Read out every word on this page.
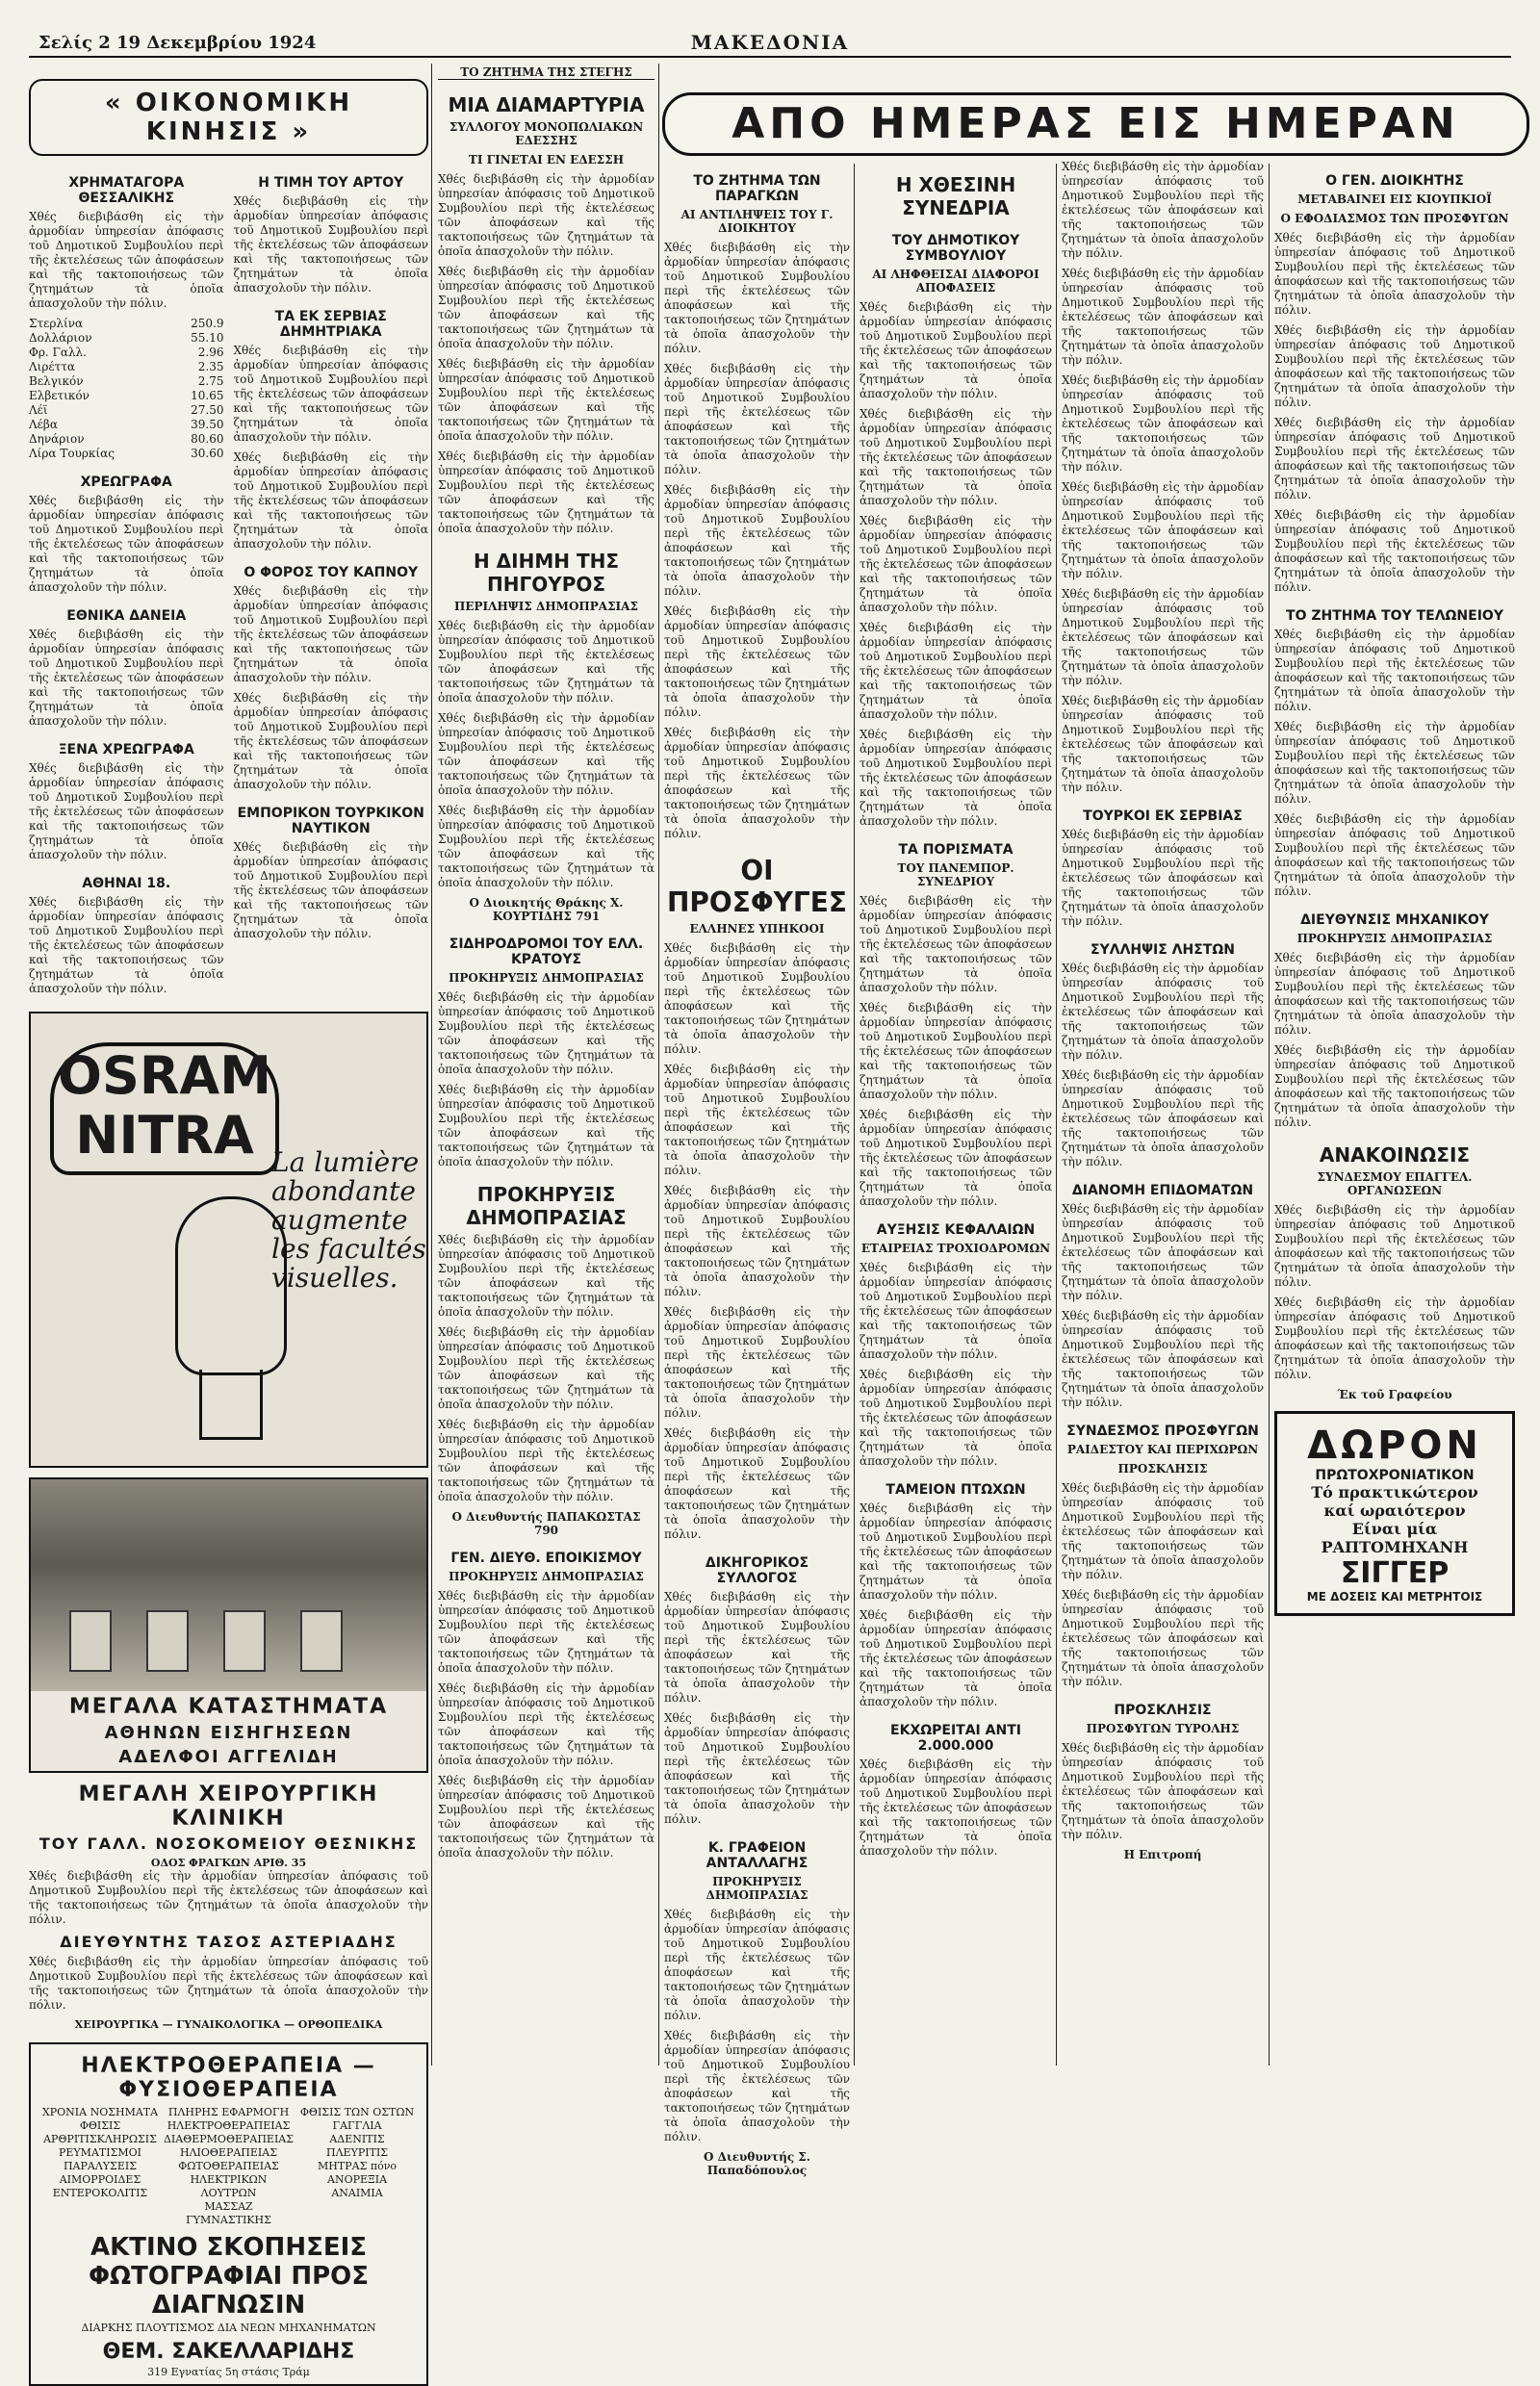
Σελίς 2 19 Δεκεμβρίου 1924	ΜΑΚΕΔΟΝΙΑ
« ΟΙΚΟΝΟΜΙΚΗ ΚΙΝΗΣΙΣ »
ΧΡΗΜΑΤΑΓΟΡΑ ΘΕΣΣΑΛΙΚΗΣ

Χθές διεβιβάσθη εἰς τὴν ἀρμοδίαν ὑπηρεσίαν ἀπόφασις τοῦ Δημοτικοῦ Συμβουλίου περὶ τῆς ἐκτελέσεως τῶν ἀποφάσεων καὶ τῆς τακτοποιήσεως τῶν ζητημάτων τὰ ὁποῖα ἀπασχολοῦν τὴν πόλιν.

Στερλίνα	250.9
Δολλάριον	55.10
Φρ. Γαλλ.	2.96
Λιρέττα	2.35
Βελγικόν	2.75
Ελβετικόν	10.65
Λέϊ	27.50
Λέβα	39.50
Δηνάριον	80.60
Λίρα Τουρκίας	30.60
ΧΡΕΩΓΡΑΦΑ

Χθές διεβιβάσθη εἰς τὴν ἀρμοδίαν ὑπηρεσίαν ἀπόφασις τοῦ Δημοτικοῦ Συμβουλίου περὶ τῆς ἐκτελέσεως τῶν ἀποφάσεων καὶ τῆς τακτοποιήσεως τῶν ζητημάτων τὰ ὁποῖα ἀπασχολοῦν τὴν πόλιν.

ΕΘΝΙΚΑ ΔΑΝΕΙΑ

Χθές διεβιβάσθη εἰς τὴν ἀρμοδίαν ὑπηρεσίαν ἀπόφασις τοῦ Δημοτικοῦ Συμβουλίου περὶ τῆς ἐκτελέσεως τῶν ἀποφάσεων καὶ τῆς τακτοποιήσεως τῶν ζητημάτων τὰ ὁποῖα ἀπασχολοῦν τὴν πόλιν.

ΞΕΝΑ ΧΡΕΩΓΡΑΦΑ

Χθές διεβιβάσθη εἰς τὴν ἀρμοδίαν ὑπηρεσίαν ἀπόφασις τοῦ Δημοτικοῦ Συμβουλίου περὶ τῆς ἐκτελέσεως τῶν ἀποφάσεων καὶ τῆς τακτοποιήσεως τῶν ζητημάτων τὰ ὁποῖα ἀπασχολοῦν τὴν πόλιν.

ΑΘΗΝΑΙ 18.

Χθές διεβιβάσθη εἰς τὴν ἀρμοδίαν ὑπηρεσίαν ἀπόφασις τοῦ Δημοτικοῦ Συμβουλίου περὶ τῆς ἐκτελέσεως τῶν ἀποφάσεων καὶ τῆς τακτοποιήσεως τῶν ζητημάτων τὰ ὁποῖα ἀπασχολοῦν τὴν πόλιν.

Η ΤΙΜΗ ΤΟΥ ΑΡΤΟΥ

Χθές διεβιβάσθη εἰς τὴν ἀρμοδίαν ὑπηρεσίαν ἀπόφασις τοῦ Δημοτικοῦ Συμβουλίου περὶ τῆς ἐκτελέσεως τῶν ἀποφάσεων καὶ τῆς τακτοποιήσεως τῶν ζητημάτων τὰ ὁποῖα ἀπασχολοῦν τὴν πόλιν.

ΤΑ ΕΚ ΣΕΡΒΙΑΣ ΔΗΜΗΤΡΙΑΚΑ

Χθές διεβιβάσθη εἰς τὴν ἀρμοδίαν ὑπηρεσίαν ἀπόφασις τοῦ Δημοτικοῦ Συμβουλίου περὶ τῆς ἐκτελέσεως τῶν ἀποφάσεων καὶ τῆς τακτοποιήσεως τῶν ζητημάτων τὰ ὁποῖα ἀπασχολοῦν τὴν πόλιν.

Χθές διεβιβάσθη εἰς τὴν ἀρμοδίαν ὑπηρεσίαν ἀπόφασις τοῦ Δημοτικοῦ Συμβουλίου περὶ τῆς ἐκτελέσεως τῶν ἀποφάσεων καὶ τῆς τακτοποιήσεως τῶν ζητημάτων τὰ ὁποῖα ἀπασχολοῦν τὴν πόλιν.

Ο ΦΟΡΟΣ ΤΟΥ ΚΑΠΝΟΥ

Χθές διεβιβάσθη εἰς τὴν ἀρμοδίαν ὑπηρεσίαν ἀπόφασις τοῦ Δημοτικοῦ Συμβουλίου περὶ τῆς ἐκτελέσεως τῶν ἀποφάσεων καὶ τῆς τακτοποιήσεως τῶν ζητημάτων τὰ ὁποῖα ἀπασχολοῦν τὴν πόλιν.

Χθές διεβιβάσθη εἰς τὴν ἀρμοδίαν ὑπηρεσίαν ἀπόφασις τοῦ Δημοτικοῦ Συμβουλίου περὶ τῆς ἐκτελέσεως τῶν ἀποφάσεων καὶ τῆς τακτοποιήσεως τῶν ζητημάτων τὰ ὁποῖα ἀπασχολοῦν τὴν πόλιν.

ΕΜΠΟΡΙΚΟΝ ΤΟΥΡΚΙΚΟΝ ΝΑΥΤΙΚΟΝ

Χθές διεβιβάσθη εἰς τὴν ἀρμοδίαν ὑπηρεσίαν ἀπόφασις τοῦ Δημοτικοῦ Συμβουλίου περὶ τῆς ἐκτελέσεως τῶν ἀποφάσεων καὶ τῆς τακτοποιήσεως τῶν ζητημάτων τὰ ὁποῖα ἀπασχολοῦν τὴν πόλιν.

OSRAM NITRA La lumière abondante augmente les facultés visuelles.
ΜΕΓΑΛΑ ΚΑΤΑΣΤΗΜΑΤΑ
ΑΘΗΝΩΝ ΕΙΣΗΓΗΣΕΩΝ
ΑΔΕΛΦΟΙ ΑΓΓΕΛΙΔΗ
ΜΕΓΑΛΗ ΧΕΙΡΟΥΡΓΙΚΗ ΚΛΙΝΙΚΗ
ΤΟΥ ΓΑΛΛ. ΝΟΣΟΚΟΜΕΙΟΥ ΘΕΣΝΙΚΗΣ
ΟΔΟΣ ΦΡΑΓΚΩΝ ΑΡΙΘ. 35

Χθές διεβιβάσθη εἰς τὴν ἀρμοδίαν ὑπηρεσίαν ἀπόφασις τοῦ Δημοτικοῦ Συμβουλίου περὶ τῆς ἐκτελέσεως τῶν ἀποφάσεων καὶ τῆς τακτοποιήσεως τῶν ζητημάτων τὰ ὁποῖα ἀπασχολοῦν τὴν πόλιν.

ΔΙΕΥΘΥΝΤΗΣ ΤΑΣΟΣ ΑΣΤΕΡΙΑΔΗΣ

Χθές διεβιβάσθη εἰς τὴν ἀρμοδίαν ὑπηρεσίαν ἀπόφασις τοῦ Δημοτικοῦ Συμβουλίου περὶ τῆς ἐκτελέσεως τῶν ἀποφάσεων καὶ τῆς τακτοποιήσεως τῶν ζητημάτων τὰ ὁποῖα ἀπασχολοῦν τὴν πόλιν.

ΧΕΙΡΟΥΡΓΙΚΑ — ΓΥΝΑΙΚΟΛΟΓΙΚΑ — ΟΡΘΟΠΕΔΙΚΑ
ΗΛΕΚΤΡΟΘΕΡΑΠΕΙΑ — ΦΥΣΙΟΘΕΡΑΠΕΙΑ
ΧΡΟΝΙΑ ΝΟΣΗΜΑΤΑ
ΦΘΙΣΙΣ
ΑΡΘΡΙΤΙΣΚΛΗΡΩΣΙΣ
ΡΕΥΜΑΤΙΣΜΟΙ
ΠΑΡΑΛΥΣΕΙΣ
ΑΙΜΟΡΡΟΙΔΕΣ
ΕΝΤΕΡΟΚΟΛΙΤΙΣ
ΠΛΗΡΗΣ ΕΦΑΡΜΟΓΗ
ΗΛΕΚΤΡΟΘΕΡΑΠΕΙΑΣ
ΔΙΑΘΕΡΜΟΘΕΡΑΠΕΙΑΣ
ΗΛΙΟΘΕΡΑΠΕΙΑΣ
ΦΩΤΟΘΕΡΑΠΕΙΑΣ
ΗΛΕΚΤΡΙΚΩΝ ΛΟΥΤΡΩΝ
ΜΑΣΣΑΖ ΓΥΜΝΑΣΤΙΚΗΣ
ΦΘΙΣΙΣ ΤΩΝ ΟΣΤΩΝ
ΓΑΓΓΛΙΑ
ΑΔΕΝΙΤΙΣ
ΠΛΕΥΡΙΤΙΣ
ΜΗΤΡΑΣ πόνο
ΑΝΟΡΕΞΙΑ
ΑΝΑΙΜΙΑ
ΑΚΤΙΝΟ ΣΚΟΠΗΣΕΙΣ ΦΩΤΟΓΡΑΦΙΑΙ ΠΡΟΣ ΔΙΑΓΝΩΣΙΝ
ΔΙΑΡΚΗΣ ΠΛΟΥΤΙΣΜΟΣ ΔΙΑ ΝΕΩΝ ΜΗΧΑΝΗΜΑΤΩΝ
ΘΕΜ. ΣΑΚΕΛΛΑΡΙΔΗΣ
319 Εγνατίας 5η στάσις Τράμ
ΤΟ ΖΗΤΗΜΑ ΤΗΣ ΣΤΕΓΗΣ
ΜΙΑ ΔΙΑΜΑΡΤΥΡΙΑ
ΣΥΛΛΟΓΟΥ ΜΟΝΟΠΩΛΙΑΚΩΝ ΕΔΕΣΣΗΣ
ΤΙ ΓΙΝΕΤΑΙ ΕΝ ΕΔΕΣΣΗ

Χθές διεβιβάσθη εἰς τὴν ἀρμοδίαν ὑπηρεσίαν ἀπόφασις τοῦ Δημοτικοῦ Συμβουλίου περὶ τῆς ἐκτελέσεως τῶν ἀποφάσεων καὶ τῆς τακτοποιήσεως τῶν ζητημάτων τὰ ὁποῖα ἀπασχολοῦν τὴν πόλιν.

Χθές διεβιβάσθη εἰς τὴν ἀρμοδίαν ὑπηρεσίαν ἀπόφασις τοῦ Δημοτικοῦ Συμβουλίου περὶ τῆς ἐκτελέσεως τῶν ἀποφάσεων καὶ τῆς τακτοποιήσεως τῶν ζητημάτων τὰ ὁποῖα ἀπασχολοῦν τὴν πόλιν.

Χθές διεβιβάσθη εἰς τὴν ἀρμοδίαν ὑπηρεσίαν ἀπόφασις τοῦ Δημοτικοῦ Συμβουλίου περὶ τῆς ἐκτελέσεως τῶν ἀποφάσεων καὶ τῆς τακτοποιήσεως τῶν ζητημάτων τὰ ὁποῖα ἀπασχολοῦν τὴν πόλιν.

Χθές διεβιβάσθη εἰς τὴν ἀρμοδίαν ὑπηρεσίαν ἀπόφασις τοῦ Δημοτικοῦ Συμβουλίου περὶ τῆς ἐκτελέσεως τῶν ἀποφάσεων καὶ τῆς τακτοποιήσεως τῶν ζητημάτων τὰ ὁποῖα ἀπασχολοῦν τὴν πόλιν.

Η ΔΙΗΜΗ ΤΗΣ ΠΗΓΟΥΡΟΣ
ΠΕΡΙΛΗΨΙΣ ΔΗΜΟΠΡΑΣΙΑΣ

Χθές διεβιβάσθη εἰς τὴν ἀρμοδίαν ὑπηρεσίαν ἀπόφασις τοῦ Δημοτικοῦ Συμβουλίου περὶ τῆς ἐκτελέσεως τῶν ἀποφάσεων καὶ τῆς τακτοποιήσεως τῶν ζητημάτων τὰ ὁποῖα ἀπασχολοῦν τὴν πόλιν.

Χθές διεβιβάσθη εἰς τὴν ἀρμοδίαν ὑπηρεσίαν ἀπόφασις τοῦ Δημοτικοῦ Συμβουλίου περὶ τῆς ἐκτελέσεως τῶν ἀποφάσεων καὶ τῆς τακτοποιήσεως τῶν ζητημάτων τὰ ὁποῖα ἀπασχολοῦν τὴν πόλιν.

Χθές διεβιβάσθη εἰς τὴν ἀρμοδίαν ὑπηρεσίαν ἀπόφασις τοῦ Δημοτικοῦ Συμβουλίου περὶ τῆς ἐκτελέσεως τῶν ἀποφάσεων καὶ τῆς τακτοποιήσεως τῶν ζητημάτων τὰ ὁποῖα ἀπασχολοῦν τὴν πόλιν.

Ο Διοικητής Θράκης Χ. ΚΟΥΡΤΙΔΗΣ 791
ΣΙΔΗΡΟΔΡΟΜΟΙ ΤΟΥ ΕΛΛ. ΚΡΑΤΟΥΣ
ΠΡΟΚΗΡΥΞΙΣ ΔΗΜΟΠΡΑΣΙΑΣ

Χθές διεβιβάσθη εἰς τὴν ἀρμοδίαν ὑπηρεσίαν ἀπόφασις τοῦ Δημοτικοῦ Συμβουλίου περὶ τῆς ἐκτελέσεως τῶν ἀποφάσεων καὶ τῆς τακτοποιήσεως τῶν ζητημάτων τὰ ὁποῖα ἀπασχολοῦν τὴν πόλιν.

Χθές διεβιβάσθη εἰς τὴν ἀρμοδίαν ὑπηρεσίαν ἀπόφασις τοῦ Δημοτικοῦ Συμβουλίου περὶ τῆς ἐκτελέσεως τῶν ἀποφάσεων καὶ τῆς τακτοποιήσεως τῶν ζητημάτων τὰ ὁποῖα ἀπασχολοῦν τὴν πόλιν.

ΠΡΟΚΗΡΥΞΙΣ ΔΗΜΟΠΡΑΣΙΑΣ

Χθές διεβιβάσθη εἰς τὴν ἀρμοδίαν ὑπηρεσίαν ἀπόφασις τοῦ Δημοτικοῦ Συμβουλίου περὶ τῆς ἐκτελέσεως τῶν ἀποφάσεων καὶ τῆς τακτοποιήσεως τῶν ζητημάτων τὰ ὁποῖα ἀπασχολοῦν τὴν πόλιν.

Χθές διεβιβάσθη εἰς τὴν ἀρμοδίαν ὑπηρεσίαν ἀπόφασις τοῦ Δημοτικοῦ Συμβουλίου περὶ τῆς ἐκτελέσεως τῶν ἀποφάσεων καὶ τῆς τακτοποιήσεως τῶν ζητημάτων τὰ ὁποῖα ἀπασχολοῦν τὴν πόλιν.

Χθές διεβιβάσθη εἰς τὴν ἀρμοδίαν ὑπηρεσίαν ἀπόφασις τοῦ Δημοτικοῦ Συμβουλίου περὶ τῆς ἐκτελέσεως τῶν ἀποφάσεων καὶ τῆς τακτοποιήσεως τῶν ζητημάτων τὰ ὁποῖα ἀπασχολοῦν τὴν πόλιν.

Ο Διευθυντής ΠΑΠΑΚΩΣΤΑΣ 790
ΓΕΝ. ΔΙΕΥΘ. ΕΠΟΙΚΙΣΜΟΥ
ΠΡΟΚΗΡΥΞΙΣ ΔΗΜΟΠΡΑΣΙΑΣ

Χθές διεβιβάσθη εἰς τὴν ἀρμοδίαν ὑπηρεσίαν ἀπόφασις τοῦ Δημοτικοῦ Συμβουλίου περὶ τῆς ἐκτελέσεως τῶν ἀποφάσεων καὶ τῆς τακτοποιήσεως τῶν ζητημάτων τὰ ὁποῖα ἀπασχολοῦν τὴν πόλιν.

Χθές διεβιβάσθη εἰς τὴν ἀρμοδίαν ὑπηρεσίαν ἀπόφασις τοῦ Δημοτικοῦ Συμβουλίου περὶ τῆς ἐκτελέσεως τῶν ἀποφάσεων καὶ τῆς τακτοποιήσεως τῶν ζητημάτων τὰ ὁποῖα ἀπασχολοῦν τὴν πόλιν.

Χθές διεβιβάσθη εἰς τὴν ἀρμοδίαν ὑπηρεσίαν ἀπόφασις τοῦ Δημοτικοῦ Συμβουλίου περὶ τῆς ἐκτελέσεως τῶν ἀποφάσεων καὶ τῆς τακτοποιήσεως τῶν ζητημάτων τὰ ὁποῖα ἀπασχολοῦν τὴν πόλιν.

ΑΠΟ ΗΜΕΡΑΣ ΕΙΣ ΗΜΕΡΑΝ
ΤΟ ΖΗΤΗΜΑ ΤΩΝ ΠΑΡΑΓΚΩΝ
ΑΙ ΑΝΤΙΛΗΨΕΙΣ ΤΟΥ Γ. ΔΙΟΙΚΗΤΟΥ

Χθές διεβιβάσθη εἰς τὴν ἀρμοδίαν ὑπηρεσίαν ἀπόφασις τοῦ Δημοτικοῦ Συμβουλίου περὶ τῆς ἐκτελέσεως τῶν ἀποφάσεων καὶ τῆς τακτοποιήσεως τῶν ζητημάτων τὰ ὁποῖα ἀπασχολοῦν τὴν πόλιν.

Χθές διεβιβάσθη εἰς τὴν ἀρμοδίαν ὑπηρεσίαν ἀπόφασις τοῦ Δημοτικοῦ Συμβουλίου περὶ τῆς ἐκτελέσεως τῶν ἀποφάσεων καὶ τῆς τακτοποιήσεως τῶν ζητημάτων τὰ ὁποῖα ἀπασχολοῦν τὴν πόλιν.

Χθές διεβιβάσθη εἰς τὴν ἀρμοδίαν ὑπηρεσίαν ἀπόφασις τοῦ Δημοτικοῦ Συμβουλίου περὶ τῆς ἐκτελέσεως τῶν ἀποφάσεων καὶ τῆς τακτοποιήσεως τῶν ζητημάτων τὰ ὁποῖα ἀπασχολοῦν τὴν πόλιν.

Χθές διεβιβάσθη εἰς τὴν ἀρμοδίαν ὑπηρεσίαν ἀπόφασις τοῦ Δημοτικοῦ Συμβουλίου περὶ τῆς ἐκτελέσεως τῶν ἀποφάσεων καὶ τῆς τακτοποιήσεως τῶν ζητημάτων τὰ ὁποῖα ἀπασχολοῦν τὴν πόλιν.

Χθές διεβιβάσθη εἰς τὴν ἀρμοδίαν ὑπηρεσίαν ἀπόφασις τοῦ Δημοτικοῦ Συμβουλίου περὶ τῆς ἐκτελέσεως τῶν ἀποφάσεων καὶ τῆς τακτοποιήσεως τῶν ζητημάτων τὰ ὁποῖα ἀπασχολοῦν τὴν πόλιν.

ΟΙ ΠΡΟΣΦΥΓΕΣ
ΕΛΛΗΝΕΣ ΥΠΗΚΟΟΙ

Χθές διεβιβάσθη εἰς τὴν ἀρμοδίαν ὑπηρεσίαν ἀπόφασις τοῦ Δημοτικοῦ Συμβουλίου περὶ τῆς ἐκτελέσεως τῶν ἀποφάσεων καὶ τῆς τακτοποιήσεως τῶν ζητημάτων τὰ ὁποῖα ἀπασχολοῦν τὴν πόλιν.

Χθές διεβιβάσθη εἰς τὴν ἀρμοδίαν ὑπηρεσίαν ἀπόφασις τοῦ Δημοτικοῦ Συμβουλίου περὶ τῆς ἐκτελέσεως τῶν ἀποφάσεων καὶ τῆς τακτοποιήσεως τῶν ζητημάτων τὰ ὁποῖα ἀπασχολοῦν τὴν πόλιν.

Χθές διεβιβάσθη εἰς τὴν ἀρμοδίαν ὑπηρεσίαν ἀπόφασις τοῦ Δημοτικοῦ Συμβουλίου περὶ τῆς ἐκτελέσεως τῶν ἀποφάσεων καὶ τῆς τακτοποιήσεως τῶν ζητημάτων τὰ ὁποῖα ἀπασχολοῦν τὴν πόλιν.

Χθές διεβιβάσθη εἰς τὴν ἀρμοδίαν ὑπηρεσίαν ἀπόφασις τοῦ Δημοτικοῦ Συμβουλίου περὶ τῆς ἐκτελέσεως τῶν ἀποφάσεων καὶ τῆς τακτοποιήσεως τῶν ζητημάτων τὰ ὁποῖα ἀπασχολοῦν τὴν πόλιν.

Χθές διεβιβάσθη εἰς τὴν ἀρμοδίαν ὑπηρεσίαν ἀπόφασις τοῦ Δημοτικοῦ Συμβουλίου περὶ τῆς ἐκτελέσεως τῶν ἀποφάσεων καὶ τῆς τακτοποιήσεως τῶν ζητημάτων τὰ ὁποῖα ἀπασχολοῦν τὴν πόλιν.

ΔΙΚΗΓΟΡΙΚΟΣ ΣΥΛΛΟΓΟΣ

Χθές διεβιβάσθη εἰς τὴν ἀρμοδίαν ὑπηρεσίαν ἀπόφασις τοῦ Δημοτικοῦ Συμβουλίου περὶ τῆς ἐκτελέσεως τῶν ἀποφάσεων καὶ τῆς τακτοποιήσεως τῶν ζητημάτων τὰ ὁποῖα ἀπασχολοῦν τὴν πόλιν.

Χθές διεβιβάσθη εἰς τὴν ἀρμοδίαν ὑπηρεσίαν ἀπόφασις τοῦ Δημοτικοῦ Συμβουλίου περὶ τῆς ἐκτελέσεως τῶν ἀποφάσεων καὶ τῆς τακτοποιήσεως τῶν ζητημάτων τὰ ὁποῖα ἀπασχολοῦν τὴν πόλιν.

Κ. ΓΡΑΦΕΙΟΝ ΑΝΤΑΛΛΑΓΗΣ
ΠΡΟΚΗΡΥΞΙΣ ΔΗΜΟΠΡΑΣΙΑΣ

Χθές διεβιβάσθη εἰς τὴν ἀρμοδίαν ὑπηρεσίαν ἀπόφασις τοῦ Δημοτικοῦ Συμβουλίου περὶ τῆς ἐκτελέσεως τῶν ἀποφάσεων καὶ τῆς τακτοποιήσεως τῶν ζητημάτων τὰ ὁποῖα ἀπασχολοῦν τὴν πόλιν.

Χθές διεβιβάσθη εἰς τὴν ἀρμοδίαν ὑπηρεσίαν ἀπόφασις τοῦ Δημοτικοῦ Συμβουλίου περὶ τῆς ἐκτελέσεως τῶν ἀποφάσεων καὶ τῆς τακτοποιήσεως τῶν ζητημάτων τὰ ὁποῖα ἀπασχολοῦν τὴν πόλιν.

Ο Διευθυντής Σ. Παπαδόπουλος
Η ΧΘΕΣΙΝΗ ΣΥΝΕΔΡΙΑ
ΤΟΥ ΔΗΜΟΤΙΚΟΥ ΣΥΜΒΟΥΛΙΟΥ
ΑΙ ΛΗΦΘΕΙΣΑΙ ΔΙΑΦΟΡΟΙ ΑΠΟΦΑΣΕΙΣ

Χθές διεβιβάσθη εἰς τὴν ἀρμοδίαν ὑπηρεσίαν ἀπόφασις τοῦ Δημοτικοῦ Συμβουλίου περὶ τῆς ἐκτελέσεως τῶν ἀποφάσεων καὶ τῆς τακτοποιήσεως τῶν ζητημάτων τὰ ὁποῖα ἀπασχολοῦν τὴν πόλιν.

Χθές διεβιβάσθη εἰς τὴν ἀρμοδίαν ὑπηρεσίαν ἀπόφασις τοῦ Δημοτικοῦ Συμβουλίου περὶ τῆς ἐκτελέσεως τῶν ἀποφάσεων καὶ τῆς τακτοποιήσεως τῶν ζητημάτων τὰ ὁποῖα ἀπασχολοῦν τὴν πόλιν.

Χθές διεβιβάσθη εἰς τὴν ἀρμοδίαν ὑπηρεσίαν ἀπόφασις τοῦ Δημοτικοῦ Συμβουλίου περὶ τῆς ἐκτελέσεως τῶν ἀποφάσεων καὶ τῆς τακτοποιήσεως τῶν ζητημάτων τὰ ὁποῖα ἀπασχολοῦν τὴν πόλιν.

Χθές διεβιβάσθη εἰς τὴν ἀρμοδίαν ὑπηρεσίαν ἀπόφασις τοῦ Δημοτικοῦ Συμβουλίου περὶ τῆς ἐκτελέσεως τῶν ἀποφάσεων καὶ τῆς τακτοποιήσεως τῶν ζητημάτων τὰ ὁποῖα ἀπασχολοῦν τὴν πόλιν.

Χθές διεβιβάσθη εἰς τὴν ἀρμοδίαν ὑπηρεσίαν ἀπόφασις τοῦ Δημοτικοῦ Συμβουλίου περὶ τῆς ἐκτελέσεως τῶν ἀποφάσεων καὶ τῆς τακτοποιήσεως τῶν ζητημάτων τὰ ὁποῖα ἀπασχολοῦν τὴν πόλιν.

ΤΑ ΠΟΡΙΣΜΑΤΑ
ΤΟΥ ΠΑΝΕΜΠΟΡ. ΣΥΝΕΔΡΙΟΥ

Χθές διεβιβάσθη εἰς τὴν ἀρμοδίαν ὑπηρεσίαν ἀπόφασις τοῦ Δημοτικοῦ Συμβουλίου περὶ τῆς ἐκτελέσεως τῶν ἀποφάσεων καὶ τῆς τακτοποιήσεως τῶν ζητημάτων τὰ ὁποῖα ἀπασχολοῦν τὴν πόλιν.

Χθές διεβιβάσθη εἰς τὴν ἀρμοδίαν ὑπηρεσίαν ἀπόφασις τοῦ Δημοτικοῦ Συμβουλίου περὶ τῆς ἐκτελέσεως τῶν ἀποφάσεων καὶ τῆς τακτοποιήσεως τῶν ζητημάτων τὰ ὁποῖα ἀπασχολοῦν τὴν πόλιν.

Χθές διεβιβάσθη εἰς τὴν ἀρμοδίαν ὑπηρεσίαν ἀπόφασις τοῦ Δημοτικοῦ Συμβουλίου περὶ τῆς ἐκτελέσεως τῶν ἀποφάσεων καὶ τῆς τακτοποιήσεως τῶν ζητημάτων τὰ ὁποῖα ἀπασχολοῦν τὴν πόλιν.

ΑΥΞΗΣΙΣ ΚΕΦΑΛΑΙΩΝ
ΕΤΑΙΡΕΙΑΣ ΤΡΟΧΙΟΔΡΟΜΩΝ

Χθές διεβιβάσθη εἰς τὴν ἀρμοδίαν ὑπηρεσίαν ἀπόφασις τοῦ Δημοτικοῦ Συμβουλίου περὶ τῆς ἐκτελέσεως τῶν ἀποφάσεων καὶ τῆς τακτοποιήσεως τῶν ζητημάτων τὰ ὁποῖα ἀπασχολοῦν τὴν πόλιν.

Χθές διεβιβάσθη εἰς τὴν ἀρμοδίαν ὑπηρεσίαν ἀπόφασις τοῦ Δημοτικοῦ Συμβουλίου περὶ τῆς ἐκτελέσεως τῶν ἀποφάσεων καὶ τῆς τακτοποιήσεως τῶν ζητημάτων τὰ ὁποῖα ἀπασχολοῦν τὴν πόλιν.

ΤΑΜΕΙΟΝ ΠΤΩΧΩΝ

Χθές διεβιβάσθη εἰς τὴν ἀρμοδίαν ὑπηρεσίαν ἀπόφασις τοῦ Δημοτικοῦ Συμβουλίου περὶ τῆς ἐκτελέσεως τῶν ἀποφάσεων καὶ τῆς τακτοποιήσεως τῶν ζητημάτων τὰ ὁποῖα ἀπασχολοῦν τὴν πόλιν.

Χθές διεβιβάσθη εἰς τὴν ἀρμοδίαν ὑπηρεσίαν ἀπόφασις τοῦ Δημοτικοῦ Συμβουλίου περὶ τῆς ἐκτελέσεως τῶν ἀποφάσεων καὶ τῆς τακτοποιήσεως τῶν ζητημάτων τὰ ὁποῖα ἀπασχολοῦν τὴν πόλιν.

ΕΚΧΩΡΕΙΤΑΙ ΑΝΤΙ 2.000.000

Χθές διεβιβάσθη εἰς τὴν ἀρμοδίαν ὑπηρεσίαν ἀπόφασις τοῦ Δημοτικοῦ Συμβουλίου περὶ τῆς ἐκτελέσεως τῶν ἀποφάσεων καὶ τῆς τακτοποιήσεως τῶν ζητημάτων τὰ ὁποῖα ἀπασχολοῦν τὴν πόλιν.

Χθές διεβιβάσθη εἰς τὴν ἀρμοδίαν ὑπηρεσίαν ἀπόφασις τοῦ Δημοτικοῦ Συμβουλίου περὶ τῆς ἐκτελέσεως τῶν ἀποφάσεων καὶ τῆς τακτοποιήσεως τῶν ζητημάτων τὰ ὁποῖα ἀπασχολοῦν τὴν πόλιν.

Χθές διεβιβάσθη εἰς τὴν ἀρμοδίαν ὑπηρεσίαν ἀπόφασις τοῦ Δημοτικοῦ Συμβουλίου περὶ τῆς ἐκτελέσεως τῶν ἀποφάσεων καὶ τῆς τακτοποιήσεως τῶν ζητημάτων τὰ ὁποῖα ἀπασχολοῦν τὴν πόλιν.

Χθές διεβιβάσθη εἰς τὴν ἀρμοδίαν ὑπηρεσίαν ἀπόφασις τοῦ Δημοτικοῦ Συμβουλίου περὶ τῆς ἐκτελέσεως τῶν ἀποφάσεων καὶ τῆς τακτοποιήσεως τῶν ζητημάτων τὰ ὁποῖα ἀπασχολοῦν τὴν πόλιν.

Χθές διεβιβάσθη εἰς τὴν ἀρμοδίαν ὑπηρεσίαν ἀπόφασις τοῦ Δημοτικοῦ Συμβουλίου περὶ τῆς ἐκτελέσεως τῶν ἀποφάσεων καὶ τῆς τακτοποιήσεως τῶν ζητημάτων τὰ ὁποῖα ἀπασχολοῦν τὴν πόλιν.

Χθές διεβιβάσθη εἰς τὴν ἀρμοδίαν ὑπηρεσίαν ἀπόφασις τοῦ Δημοτικοῦ Συμβουλίου περὶ τῆς ἐκτελέσεως τῶν ἀποφάσεων καὶ τῆς τακτοποιήσεως τῶν ζητημάτων τὰ ὁποῖα ἀπασχολοῦν τὴν πόλιν.

Χθές διεβιβάσθη εἰς τὴν ἀρμοδίαν ὑπηρεσίαν ἀπόφασις τοῦ Δημοτικοῦ Συμβουλίου περὶ τῆς ἐκτελέσεως τῶν ἀποφάσεων καὶ τῆς τακτοποιήσεως τῶν ζητημάτων τὰ ὁποῖα ἀπασχολοῦν τὴν πόλιν.

ΤΟΥΡΚΟΙ ΕΚ ΣΕΡΒΙΑΣ

Χθές διεβιβάσθη εἰς τὴν ἀρμοδίαν ὑπηρεσίαν ἀπόφασις τοῦ Δημοτικοῦ Συμβουλίου περὶ τῆς ἐκτελέσεως τῶν ἀποφάσεων καὶ τῆς τακτοποιήσεως τῶν ζητημάτων τὰ ὁποῖα ἀπασχολοῦν τὴν πόλιν.

ΣΥΛΛΗΨΙΣ ΛΗΣΤΩΝ

Χθές διεβιβάσθη εἰς τὴν ἀρμοδίαν ὑπηρεσίαν ἀπόφασις τοῦ Δημοτικοῦ Συμβουλίου περὶ τῆς ἐκτελέσεως τῶν ἀποφάσεων καὶ τῆς τακτοποιήσεως τῶν ζητημάτων τὰ ὁποῖα ἀπασχολοῦν τὴν πόλιν.

Χθές διεβιβάσθη εἰς τὴν ἀρμοδίαν ὑπηρεσίαν ἀπόφασις τοῦ Δημοτικοῦ Συμβουλίου περὶ τῆς ἐκτελέσεως τῶν ἀποφάσεων καὶ τῆς τακτοποιήσεως τῶν ζητημάτων τὰ ὁποῖα ἀπασχολοῦν τὴν πόλιν.

ΔΙΑΝΟΜΗ ΕΠΙΔΟΜΑΤΩΝ

Χθές διεβιβάσθη εἰς τὴν ἀρμοδίαν ὑπηρεσίαν ἀπόφασις τοῦ Δημοτικοῦ Συμβουλίου περὶ τῆς ἐκτελέσεως τῶν ἀποφάσεων καὶ τῆς τακτοποιήσεως τῶν ζητημάτων τὰ ὁποῖα ἀπασχολοῦν τὴν πόλιν.

Χθές διεβιβάσθη εἰς τὴν ἀρμοδίαν ὑπηρεσίαν ἀπόφασις τοῦ Δημοτικοῦ Συμβουλίου περὶ τῆς ἐκτελέσεως τῶν ἀποφάσεων καὶ τῆς τακτοποιήσεως τῶν ζητημάτων τὰ ὁποῖα ἀπασχολοῦν τὴν πόλιν.

ΣΥΝΔΕΣΜΟΣ ΠΡΟΣΦΥΓΩΝ
ΡΑΙΔΕΣΤΟΥ ΚΑΙ ΠΕΡΙΧΩΡΩΝ
ΠΡΟΣΚΛΗΣΙΣ

Χθές διεβιβάσθη εἰς τὴν ἀρμοδίαν ὑπηρεσίαν ἀπόφασις τοῦ Δημοτικοῦ Συμβουλίου περὶ τῆς ἐκτελέσεως τῶν ἀποφάσεων καὶ τῆς τακτοποιήσεως τῶν ζητημάτων τὰ ὁποῖα ἀπασχολοῦν τὴν πόλιν.

Χθές διεβιβάσθη εἰς τὴν ἀρμοδίαν ὑπηρεσίαν ἀπόφασις τοῦ Δημοτικοῦ Συμβουλίου περὶ τῆς ἐκτελέσεως τῶν ἀποφάσεων καὶ τῆς τακτοποιήσεως τῶν ζητημάτων τὰ ὁποῖα ἀπασχολοῦν τὴν πόλιν.

ΠΡΟΣΚΛΗΣΙΣ
ΠΡΟΣΦΥΓΩΝ ΤΥΡΟΛΗΣ

Χθές διεβιβάσθη εἰς τὴν ἀρμοδίαν ὑπηρεσίαν ἀπόφασις τοῦ Δημοτικοῦ Συμβουλίου περὶ τῆς ἐκτελέσεως τῶν ἀποφάσεων καὶ τῆς τακτοποιήσεως τῶν ζητημάτων τὰ ὁποῖα ἀπασχολοῦν τὴν πόλιν.

Η Επιτροπή
Ο ΓΕΝ. ΔΙΟΙΚΗΤΗΣ
ΜΕΤΑΒΑΙΝΕΙ ΕΙΣ ΚΙΟΥΠΚΙΟΪ
Ο ΕΦΟΔΙΑΣΜΟΣ ΤΩΝ ΠΡΟΣΦΥΓΩΝ

Χθές διεβιβάσθη εἰς τὴν ἀρμοδίαν ὑπηρεσίαν ἀπόφασις τοῦ Δημοτικοῦ Συμβουλίου περὶ τῆς ἐκτελέσεως τῶν ἀποφάσεων καὶ τῆς τακτοποιήσεως τῶν ζητημάτων τὰ ὁποῖα ἀπασχολοῦν τὴν πόλιν.

Χθές διεβιβάσθη εἰς τὴν ἀρμοδίαν ὑπηρεσίαν ἀπόφασις τοῦ Δημοτικοῦ Συμβουλίου περὶ τῆς ἐκτελέσεως τῶν ἀποφάσεων καὶ τῆς τακτοποιήσεως τῶν ζητημάτων τὰ ὁποῖα ἀπασχολοῦν τὴν πόλιν.

Χθές διεβιβάσθη εἰς τὴν ἀρμοδίαν ὑπηρεσίαν ἀπόφασις τοῦ Δημοτικοῦ Συμβουλίου περὶ τῆς ἐκτελέσεως τῶν ἀποφάσεων καὶ τῆς τακτοποιήσεως τῶν ζητημάτων τὰ ὁποῖα ἀπασχολοῦν τὴν πόλιν.

Χθές διεβιβάσθη εἰς τὴν ἀρμοδίαν ὑπηρεσίαν ἀπόφασις τοῦ Δημοτικοῦ Συμβουλίου περὶ τῆς ἐκτελέσεως τῶν ἀποφάσεων καὶ τῆς τακτοποιήσεως τῶν ζητημάτων τὰ ὁποῖα ἀπασχολοῦν τὴν πόλιν.

ΤΟ ΖΗΤΗΜΑ ΤΟΥ ΤΕΛΩΝΕΙΟΥ

Χθές διεβιβάσθη εἰς τὴν ἀρμοδίαν ὑπηρεσίαν ἀπόφασις τοῦ Δημοτικοῦ Συμβουλίου περὶ τῆς ἐκτελέσεως τῶν ἀποφάσεων καὶ τῆς τακτοποιήσεως τῶν ζητημάτων τὰ ὁποῖα ἀπασχολοῦν τὴν πόλιν.

Χθές διεβιβάσθη εἰς τὴν ἀρμοδίαν ὑπηρεσίαν ἀπόφασις τοῦ Δημοτικοῦ Συμβουλίου περὶ τῆς ἐκτελέσεως τῶν ἀποφάσεων καὶ τῆς τακτοποιήσεως τῶν ζητημάτων τὰ ὁποῖα ἀπασχολοῦν τὴν πόλιν.

Χθές διεβιβάσθη εἰς τὴν ἀρμοδίαν ὑπηρεσίαν ἀπόφασις τοῦ Δημοτικοῦ Συμβουλίου περὶ τῆς ἐκτελέσεως τῶν ἀποφάσεων καὶ τῆς τακτοποιήσεως τῶν ζητημάτων τὰ ὁποῖα ἀπασχολοῦν τὴν πόλιν.

ΔΙΕΥΘΥΝΣΙΣ ΜΗΧΑΝΙΚΟΥ
ΠΡΟΚΗΡΥΞΙΣ ΔΗΜΟΠΡΑΣΙΑΣ

Χθές διεβιβάσθη εἰς τὴν ἀρμοδίαν ὑπηρεσίαν ἀπόφασις τοῦ Δημοτικοῦ Συμβουλίου περὶ τῆς ἐκτελέσεως τῶν ἀποφάσεων καὶ τῆς τακτοποιήσεως τῶν ζητημάτων τὰ ὁποῖα ἀπασχολοῦν τὴν πόλιν.

Χθές διεβιβάσθη εἰς τὴν ἀρμοδίαν ὑπηρεσίαν ἀπόφασις τοῦ Δημοτικοῦ Συμβουλίου περὶ τῆς ἐκτελέσεως τῶν ἀποφάσεων καὶ τῆς τακτοποιήσεως τῶν ζητημάτων τὰ ὁποῖα ἀπασχολοῦν τὴν πόλιν.

ΑΝΑΚΟΙΝΩΣΙΣ
ΣΥΝΔΕΣΜΟΥ ΕΠΑΓΓΕΛ. ΟΡΓΑΝΩΣΕΩΝ

Χθές διεβιβάσθη εἰς τὴν ἀρμοδίαν ὑπηρεσίαν ἀπόφασις τοῦ Δημοτικοῦ Συμβουλίου περὶ τῆς ἐκτελέσεως τῶν ἀποφάσεων καὶ τῆς τακτοποιήσεως τῶν ζητημάτων τὰ ὁποῖα ἀπασχολοῦν τὴν πόλιν.

Χθές διεβιβάσθη εἰς τὴν ἀρμοδίαν ὑπηρεσίαν ἀπόφασις τοῦ Δημοτικοῦ Συμβουλίου περὶ τῆς ἐκτελέσεως τῶν ἀποφάσεων καὶ τῆς τακτοποιήσεως τῶν ζητημάτων τὰ ὁποῖα ἀπασχολοῦν τὴν πόλιν.

Έκ τοῦ Γραφείου
ΔΩΡΟΝ
ΠΡΩΤΟΧΡΟΝΙΑΤΙΚΟΝ
Τό πρακτικώτερον
καί ωραιότερον
Είναι μία ΡΑΠΤΟΜΗΧΑΝΗ
ΣΙΓΓΕΡ
ΜΕ ΔΟΣΕΙΣ ΚΑΙ ΜΕΤΡΗΤΟΙΣ
